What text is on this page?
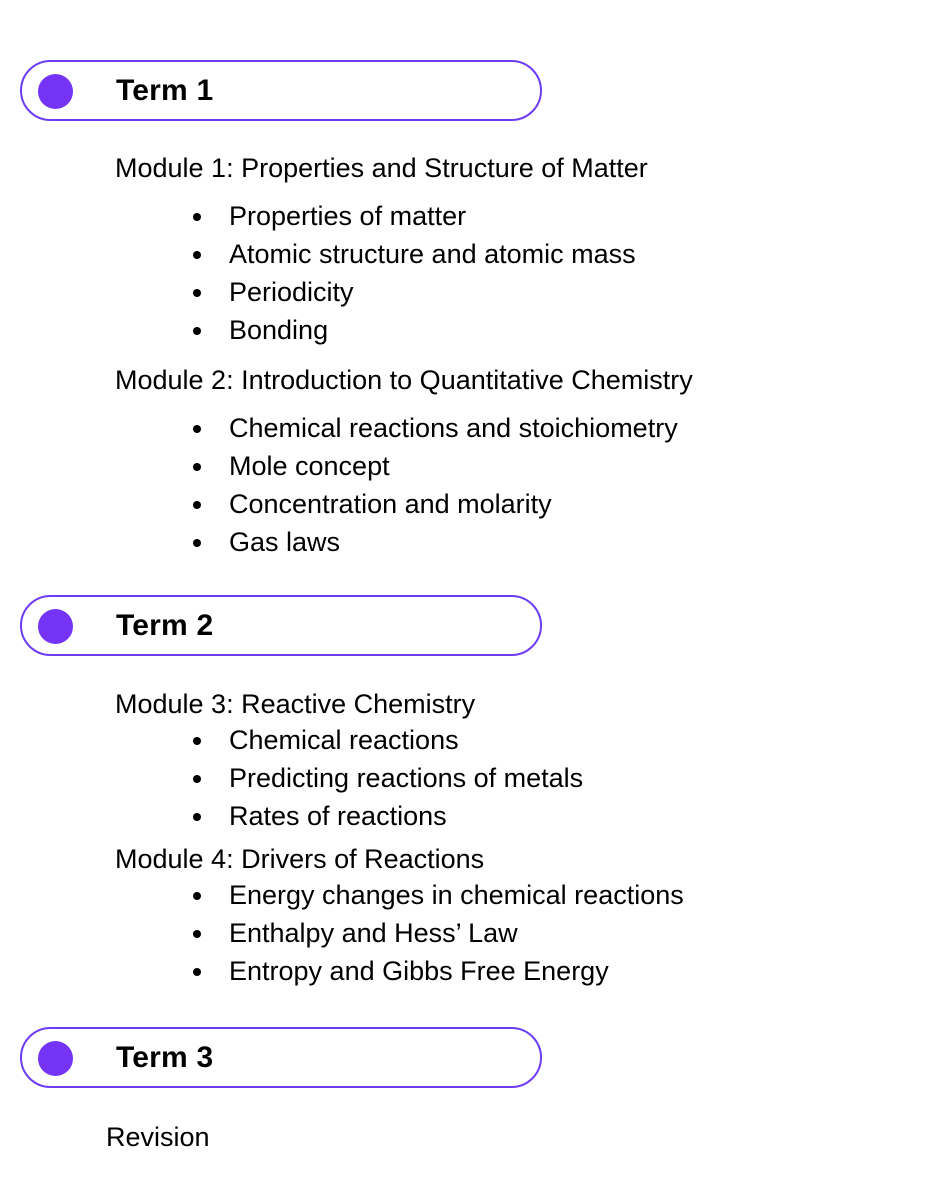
Term 1
Module 1: Properties and Structure of Matter
Properties of matter
Atomic structure and atomic mass
Periodicity
Bonding
Module 2: Introduction to Quantitative Chemistry
Chemical reactions and stoichiometry
Mole concept
Concentration and molarity
Gas laws
Term 2
Module 3: Reactive Chemistry
Chemical reactions
Predicting reactions of metals
Rates of reactions
Module 4: Drivers of Reactions
Energy changes in chemical reactions
Enthalpy and Hess’ Law
Entropy and Gibbs Free Energy
Term 3
Revision
